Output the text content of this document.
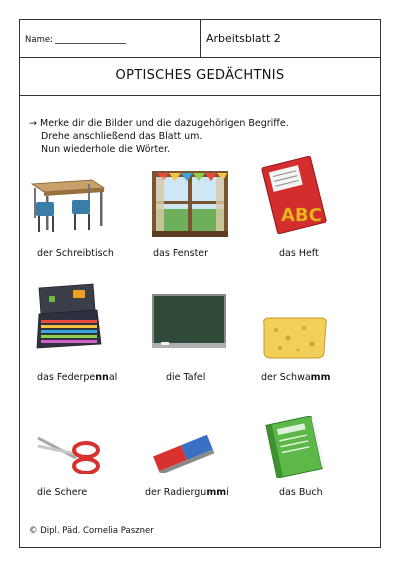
Name:	Arbeitsblatt 2
OPTISCHES GEDÄCHTNIS
→ Merke dir die Bilder und die dazugehörigen Begriffe.
Drehe anschließend das Blatt um.
Nun wiederhole die Wörter.
der Schreibtisch	das Fenster
ABC
das Heft
das Federpennal	die Tafel	der Schwamm
die Schere	der Radiergummi	das Buch
© Dipl. Päd. Cornelia Paszner
